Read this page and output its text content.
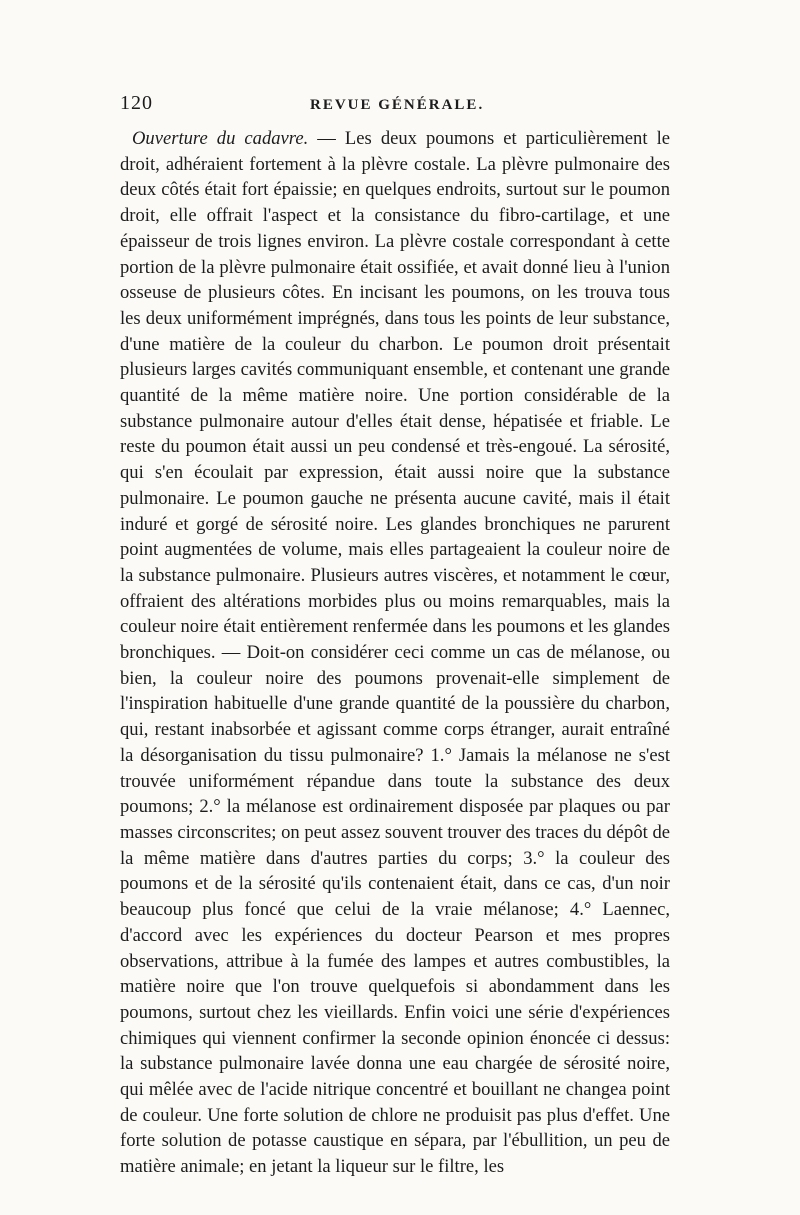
120	REVUE GÉNÉRALE.

Ouverture du cadavre. — Les deux poumons et particulièrement le droit, adhéraient fortement à la plèvre costale. La plèvre pulmonaire des deux côtés était fort épaissie; en quelques endroits, surtout sur le poumon droit, elle offrait l'aspect et la consistance du fibro-cartilage, et une épaisseur de trois lignes environ. La plèvre costale correspondant à cette portion de la plèvre pulmonaire était ossifiée, et avait donné lieu à l'union osseuse de plusieurs côtes. En incisant les poumons, on les trouva tous les deux uniformément imprégnés, dans tous les points de leur substance, d'une matière de la couleur du charbon. Le poumon droit présentait plusieurs larges cavités communiquant ensemble, et contenant une grande quantité de la même matière noire. Une portion considérable de la substance pulmonaire autour d'elles était dense, hépatisée et friable. Le reste du poumon était aussi un peu condensé et très-engoué. La sérosité, qui s'en écoulait par expression, était aussi noire que la substance pulmonaire. Le poumon gauche ne présenta aucune cavité, mais il était induré et gorgé de sérosité noire. Les glandes bronchiques ne parurent point augmentées de volume, mais elles partageaient la couleur noire de la substance pulmonaire. Plusieurs autres viscères, et notamment le cœur, offraient des altérations morbides plus ou moins remarquables, mais la couleur noire était entièrement renfermée dans les poumons et les glandes bronchiques. — Doit-on considérer ceci comme un cas de mélanose, ou bien, la couleur noire des poumons provenait-elle simplement de l'inspiration habituelle d'une grande quantité de la poussière du charbon, qui, restant inabsorbée et agissant comme corps étranger, aurait entraîné la désorganisation du tissu pulmonaire? 1.° Jamais la mélanose ne s'est trouvée uniformément répandue dans toute la substance des deux poumons; 2.° la mélanose est ordinairement disposée par plaques ou par masses circonscrites; on peut assez souvent trouver des traces du dépôt de la même matière dans d'autres parties du corps; 3.° la couleur des poumons et de la sérosité qu'ils contenaient était, dans ce cas, d'un noir beaucoup plus foncé que celui de la vraie mélanose; 4.° Laennec, d'accord avec les expériences du docteur Pearson et mes propres observations, attribue à la fumée des lampes et autres combustibles, la matière noire que l'on trouve quelquefois si abondamment dans les poumons, surtout chez les vieillards. Enfin voici une série d'expériences chimiques qui viennent confirmer la seconde opinion énoncée ci dessus: la substance pulmonaire lavée donna une eau chargée de sérosité noire, qui mêlée avec de l'acide nitrique concentré et bouillant ne changea point de couleur. Une forte solution de chlore ne produisit pas plus d'effet. Une forte solution de potasse caustique en sépara, par l'ébullition, un peu de matière animale; en jetant la liqueur sur le filtre, les
